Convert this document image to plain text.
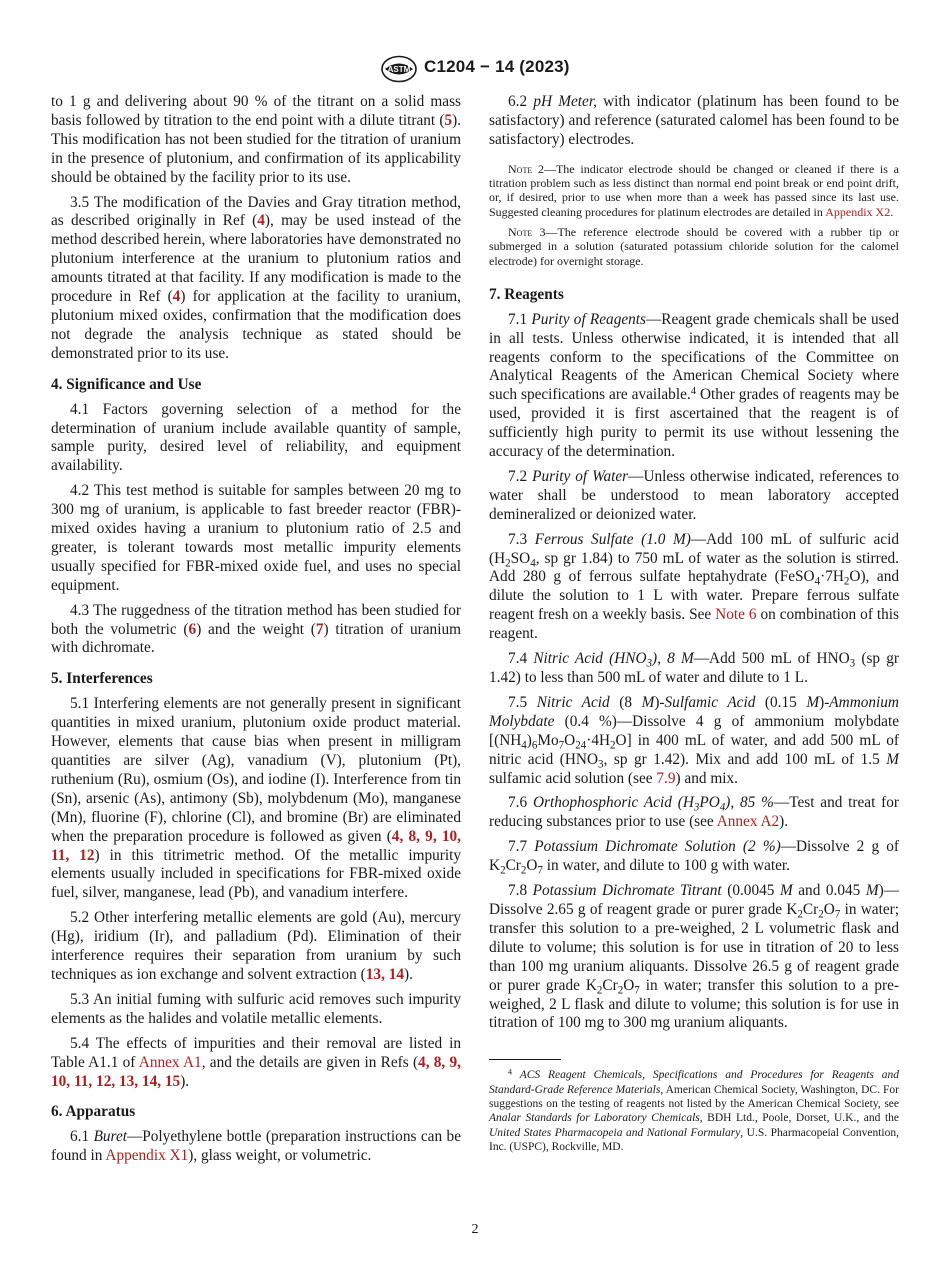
ASTM C1204 − 14 (2023)

to 1 g and delivering about 90 % of the titrant on a solid mass basis followed by titration to the end point with a dilute titrant (5). This modification has not been studied for the titration of uranium in the presence of plutonium, and confirmation of its applicability should be obtained by the facility prior to its use.

3.5 The modification of the Davies and Gray titration method, as described originally in Ref (4), may be used instead of the method described herein, where laboratories have demonstrated no plutonium interference at the uranium to plutonium ratios and amounts titrated at that facility. If any modification is made to the procedure in Ref (4) for application at the facility to uranium, plutonium mixed oxides, confirmation that the modification does not degrade the analysis technique as stated should be demonstrated prior to its use.

4. Significance and Use

4.1 Factors governing selection of a method for the determination of uranium include available quantity of sample, sample purity, desired level of reliability, and equipment availability.

4.2 This test method is suitable for samples between 20 mg to 300 mg of uranium, is applicable to fast breeder reactor (FBR)-mixed oxides having a uranium to plutonium ratio of 2.5 and greater, is tolerant towards most metallic impurity elements usually specified for FBR-mixed oxide fuel, and uses no special equipment.

4.3 The ruggedness of the titration method has been studied for both the volumetric (6) and the weight (7) titration of uranium with dichromate.

5. Interferences

5.1 Interfering elements are not generally present in significant quantities in mixed uranium, plutonium oxide product material. However, elements that cause bias when present in milligram quantities are silver (Ag), vanadium (V), plutonium (Pt), ruthenium (Ru), osmium (Os), and iodine (I). Interference from tin (Sn), arsenic (As), antimony (Sb), molybdenum (Mo), manganese (Mn), fluorine (F), chlorine (Cl), and bromine (Br) are eliminated when the preparation procedure is followed as given (4, 8, 9, 10, 11, 12) in this titrimetric method. Of the metallic impurity elements usually included in specifications for FBR-mixed oxide fuel, silver, manganese, lead (Pb), and vanadium interfere.

5.2 Other interfering metallic elements are gold (Au), mercury (Hg), iridium (Ir), and palladium (Pd). Elimination of their interference requires their separation from uranium by such techniques as ion exchange and solvent extraction (13, 14).

5.3 An initial fuming with sulfuric acid removes such impurity elements as the halides and volatile metallic elements.

5.4 The effects of impurities and their removal are listed in Table A1.1 of Annex A1, and the details are given in Refs (4, 8, 9, 10, 11, 12, 13, 14, 15).

6. Apparatus

6.1 Buret—Polyethylene bottle (preparation instructions can be found in Appendix X1), glass weight, or volumetric.

6.2 pH Meter, with indicator (platinum has been found to be satisfactory) and reference (saturated calomel has been found to be satisfactory) electrodes.

Note 2—The indicator electrode should be changed or cleaned if there is a titration problem such as less distinct than normal end point break or end point drift, or, if desired, prior to use when more than a week has passed since its last use. Suggested cleaning procedures for platinum electrodes are detailed in Appendix X2.

Note 3—The reference electrode should be covered with a rubber tip or submerged in a solution (saturated potassium chloride solution for the calomel electrode) for overnight storage.

7. Reagents

7.1 Purity of Reagents—Reagent grade chemicals shall be used in all tests. Unless otherwise indicated, it is intended that all reagents conform to the specifications of the Committee on Analytical Reagents of the American Chemical Society where such specifications are available.$^4$ Other grades of reagents may be used, provided it is first ascertained that the reagent is of sufficiently high purity to permit its use without lessening the accuracy of the determination.

7.2 Purity of Water—Unless otherwise indicated, references to water shall be understood to mean laboratory accepted demineralized or deionized water.

7.3 Ferrous Sulfate (1.0 M)—Add 100 mL of sulfuric acid ($H_2SO_4$, sp gr 1.84) to 750 mL of water as the solution is stirred. Add 280 g of ferrous sulfate heptahydrate $(FeSO_4\cdot 7H_2O)$, and dilute the solution to 1 L with water. Prepare ferrous sulfate reagent fresh on a weekly basis. See Note 6 on combination of this reagent.

7.4 Nitric Acid $(HNO_3)$, 8 M—Add 500 mL of $HNO_3$ (sp gr 1.42) to less than 500 mL of water and dilute to 1 L.

7.5 Nitric Acid (8 M)-Sulfamic Acid (0.15 M)-Ammonium Molybdate (0.4 %)—Dissolve 4 g of ammonium molybdate $[(NH_4)_6Mo_7O_{24}\cdot 4H_2O]$ in 400 mL of water, and add 500 mL of nitric acid ($HNO_3$, sp gr 1.42). Mix and add 100 mL of 1.5 M sulfamic acid solution (see 7.9) and mix.

7.6 Orthophosphoric Acid $(H_3PO_4)$, 85 %—Test and treat for reducing substances prior to use (see Annex A2).

7.7 Potassium Dichromate Solution (2 %)—Dissolve 2 g of $K_2Cr_2O_7$ in water, and dilute to 100 g with water.

7.8 Potassium Dichromate Titrant (0.0045 M and 0.045 M)—Dissolve 2.65 g of reagent grade or purer grade $K_2Cr_2O_7$ in water; transfer this solution to a pre-weighed, 2 L volumetric flask and dilute to volume; this solution is for use in titration of 20 to less than 100 mg uranium aliquants. Dissolve 26.5 g of reagent grade or purer grade $K_2Cr_2O_7$ in water; transfer this solution to a pre-weighed, 2 L flask and dilute to volume; this solution is for use in titration of 100 mg to 300 mg uranium aliquants.

$^4$ ACS Reagent Chemicals, Specifications and Procedures for Reagents and Standard-Grade Reference Materials, American Chemical Society, Washington, DC. For suggestions on the testing of reagents not listed by the American Chemical Society, see Analar Standards for Laboratory Chemicals, BDH Ltd., Poole, Dorset, U.K., and the United States Pharmacopeia and National Formulary, U.S. Pharmacopeial Convention, Inc. (USPC), Rockville, MD.

2
